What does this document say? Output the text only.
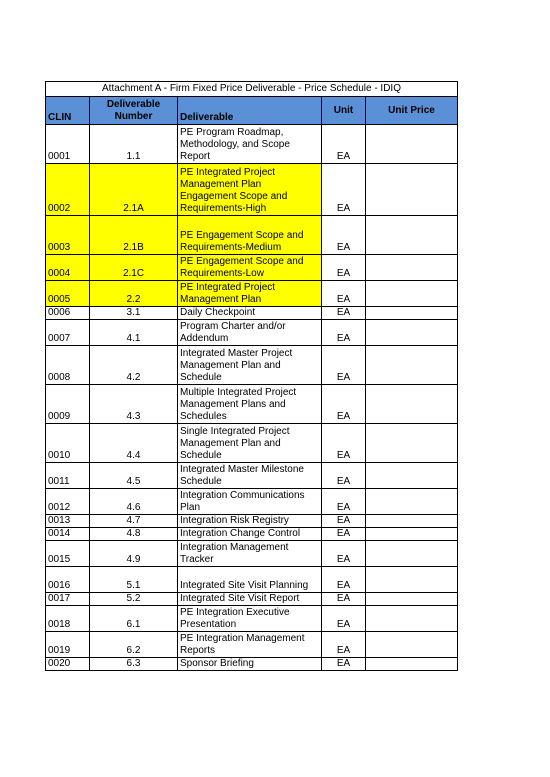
Attachment A - Firm Fixed Price Deliverable - Price Schedule - IDIQ				
CLIN	Deliverable Number	Deliverable	Unit	Unit Price
0001	1.1	PE Program Roadmap, Methodology, and Scope Report	EA	
0002	2.1A	PE Integrated Project Management Plan Engagement Scope and Requirements-High	EA	
0003	2.1B	PE Engagement Scope and Requirements-Medium	EA	
0004	2.1C	PE Engagement Scope and Requirements-Low	EA	
0005	2.2	PE Integrated Project Management Plan	EA	
0006	3.1	Daily Checkpoint	EA	
0007	4.1	Program Charter and/or Addendum	EA	
0008	4.2	Integrated Master Project Management Plan and Schedule	EA	
0009	4.3	Multiple Integrated Project Management Plans and Schedules	EA	
0010	4.4	Single Integrated Project Management Plan and Schedule	EA	
0011	4.5	Integrated Master Milestone Schedule	EA	
0012	4.6	Integration Communications Plan	EA	
0013	4.7	Integration Risk Registry	EA	
0014	4.8	Integration Change Control	EA	
0015	4.9	Integration Management Tracker	EA	
0016	5.1	Integrated Site Visit Planning	EA	
0017	5.2	Integrated Site Visit Report	EA	
0018	6.1	PE Integration Executive Presentation	EA	
0019	6.2	PE Integration Management Reports	EA	
0020	6.3	Sponsor Briefing	EA	
